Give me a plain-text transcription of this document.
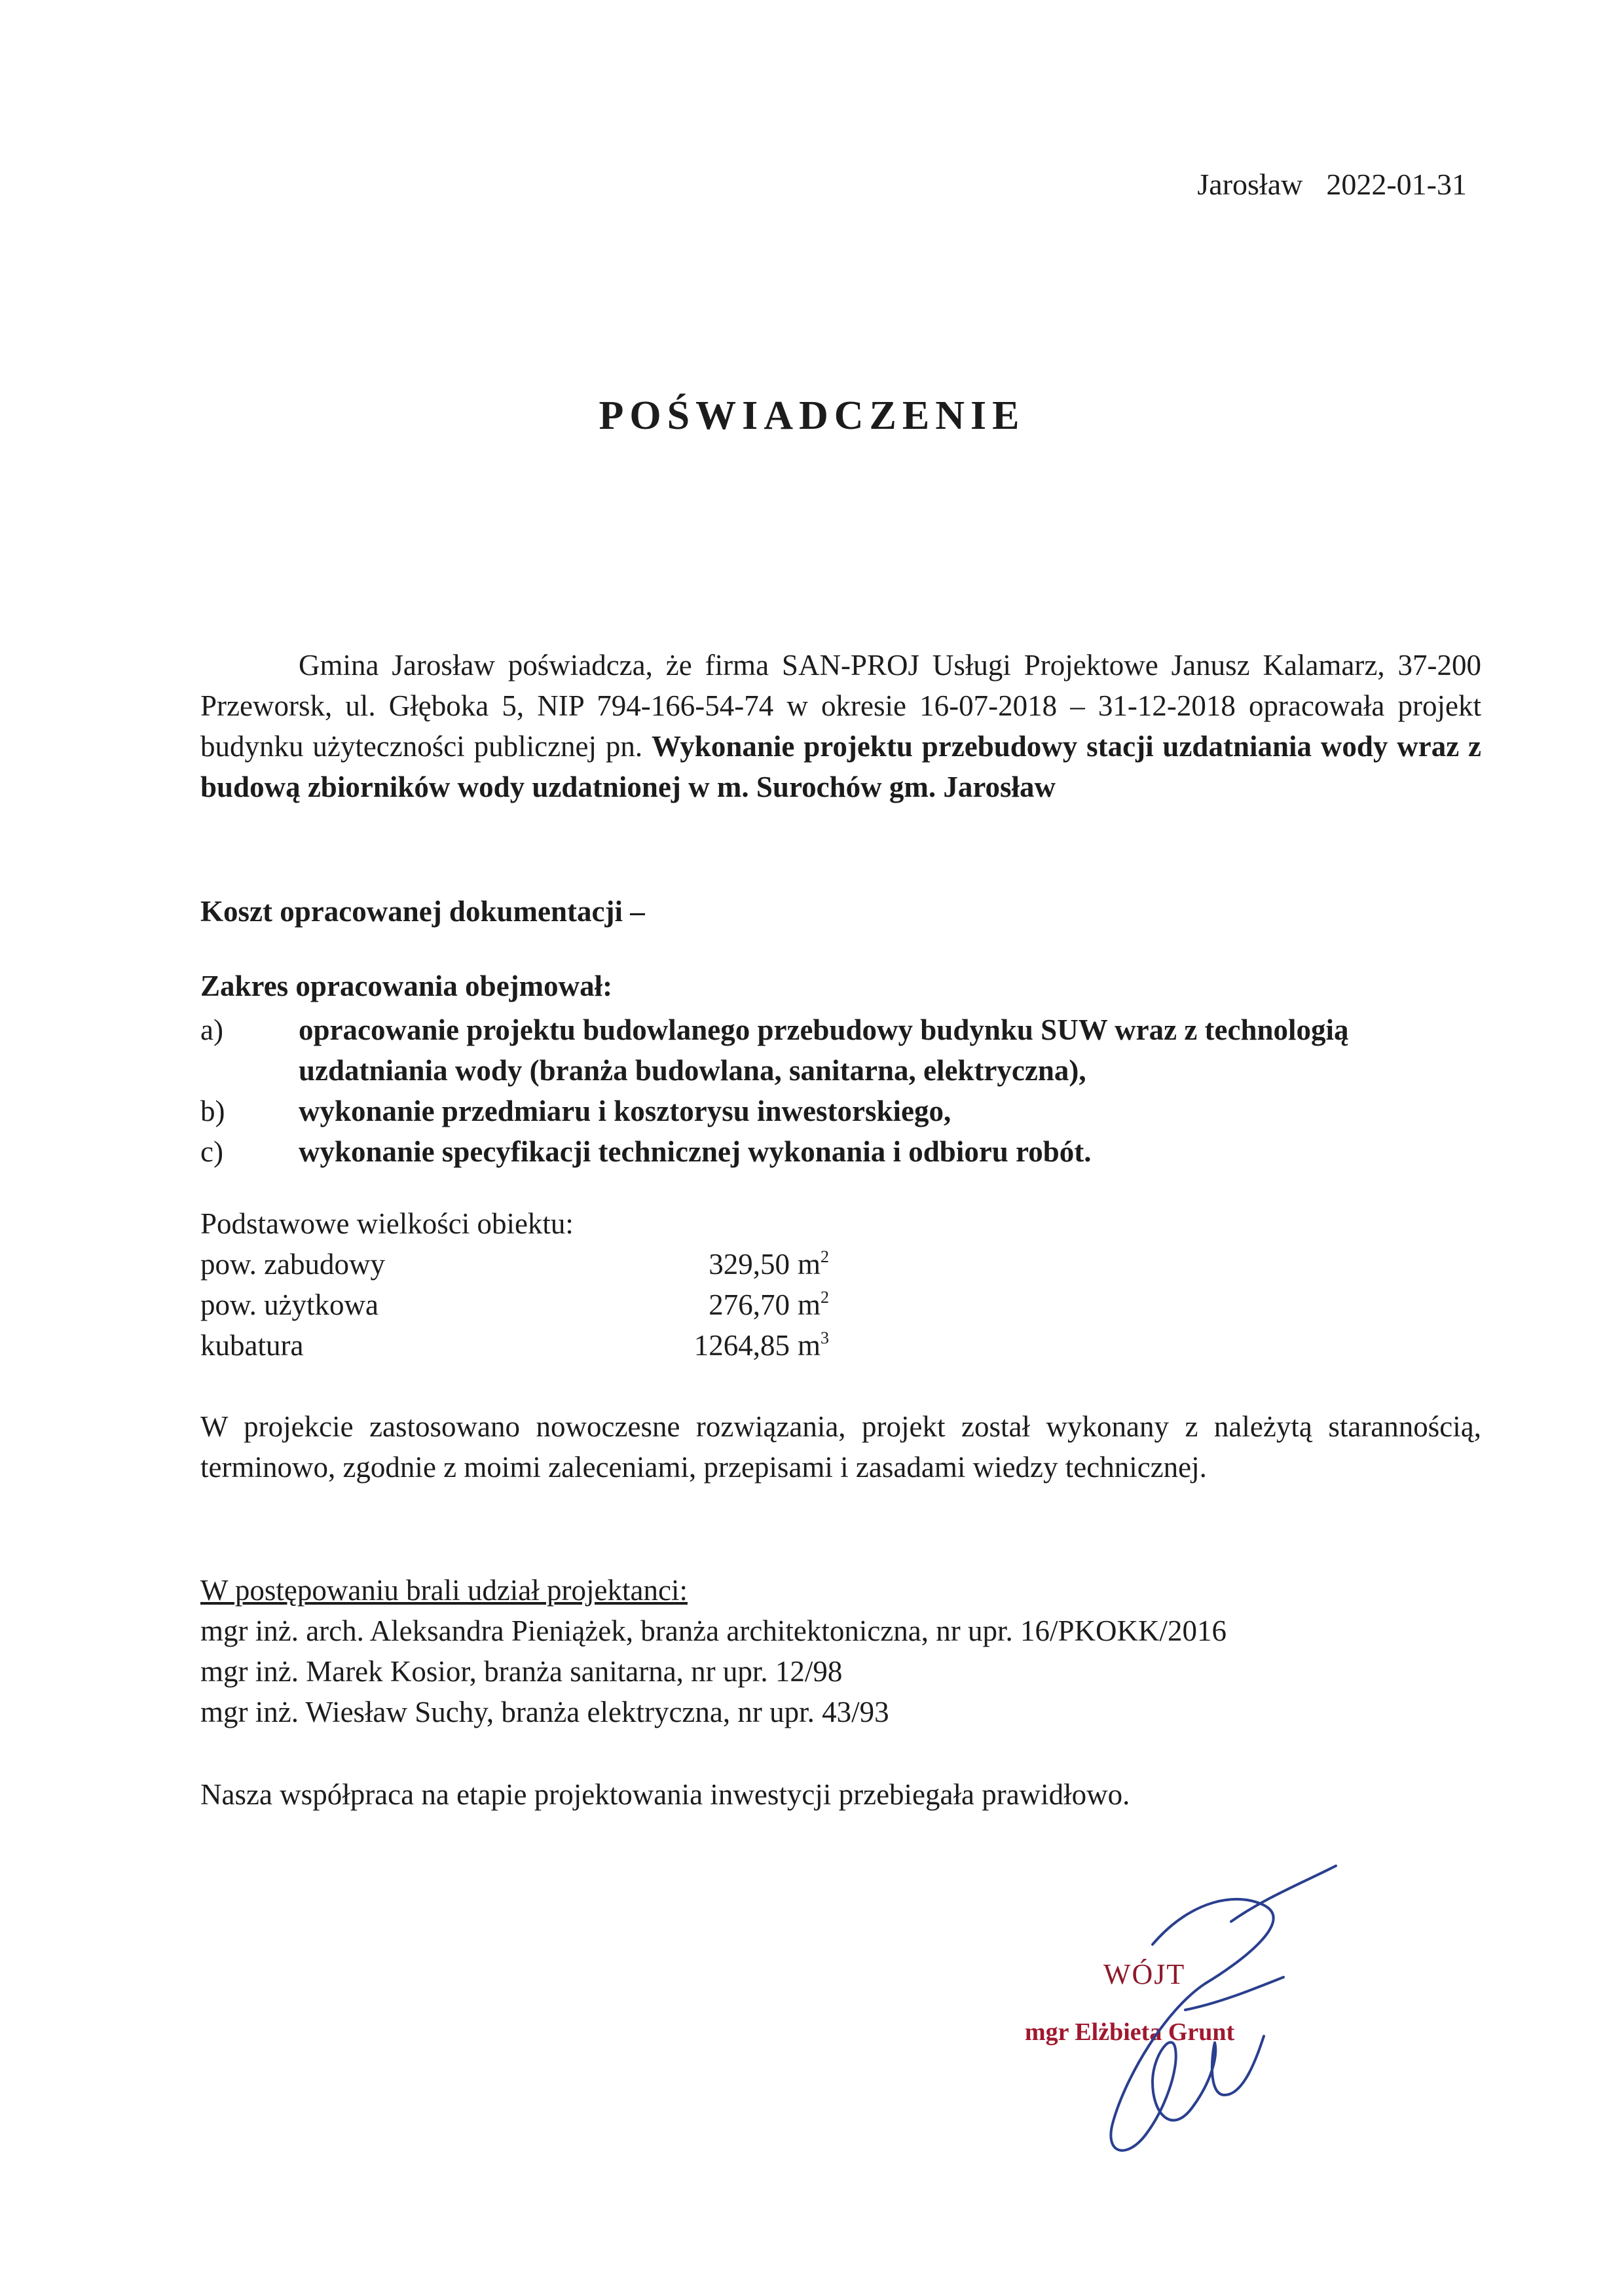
Jarosław 2022-01-31

POŚWIADCZENIE

Gmina Jarosław poświadcza, że firma SAN-PROJ Usługi Projektowe Janusz Kalamarz, 37-200 Przeworsk, ul. Głęboka 5, NIP 794-166-54-74 w okresie 16-07-2018 – 31-12-2018 opracowała projekt budynku użyteczności publicznej pn. Wykonanie projektu przebudowy stacji uzdatniania wody wraz z budową zbiorników wody uzdatnionej w m. Surochów gm. Jarosław

Koszt opracowanej dokumentacji –

Zakres opracowania obejmował:

a)	opracowanie projektu budowlanego przebudowy budynku SUW wraz z technologią uzdatniania wody (branża budowlana, sanitarna, elektryczna),
b)	wykonanie przedmiaru i kosztorysu inwestorskiego,
c)	wykonanie specyfikacji technicznej wykonania i odbioru robót.
Podstawowe wielkości obiektu:
pow. zabudowy	329,50	$m^2$
pow. użytkowa	276,70	$m^2$
kubatura	1264,85	$m^3$

W projekcie zastosowano nowoczesne rozwiązania, projekt został wykonany z należytą starannością, terminowo, zgodnie z moimi zaleceniami, przepisami i zasadami wiedzy technicznej.

W postępowaniu brali udział projektanci:
mgr inż. arch. Aleksandra Pieniążek, branża architektoniczna, nr upr. 16/PKOKK/2016
mgr inż. Marek Kosior, branża sanitarna, nr upr. 12/98
mgr inż. Wiesław Suchy, branża elektryczna, nr upr. 43/93

Nasza współpraca na etapie projektowania inwestycji przebiegała prawidłowo.

WÓJT

mgr Elżbieta Grunt
